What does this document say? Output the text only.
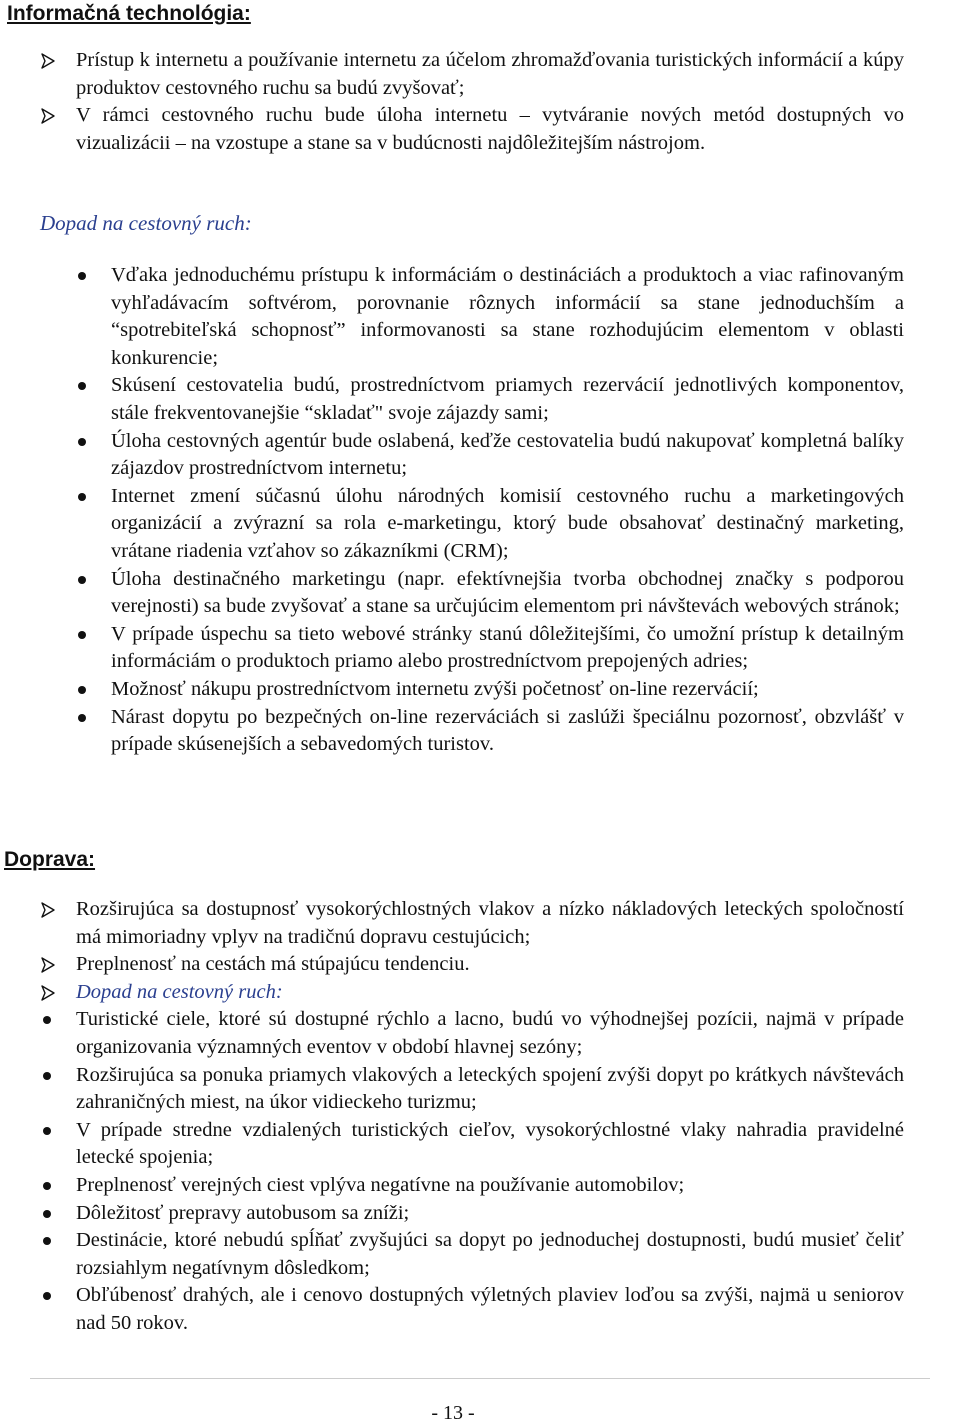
Informačná technológia:
Prístup k internetu a používanie internetu za účelom zhromažďovania turistických informácií a kúpy produktov cestovného ruchu sa budú zvyšovať;
V rámci cestovného ruchu bude úloha internetu – vytváranie nových metód dostupných vo vizualizácii – na vzostupe a stane sa v budúcnosti najdôležitejším nástrojom.
Dopad na cestovný ruch:
Vďaka jednoduchému prístupu k informáciám o destináciách a produktoch a viac rafinovaným vyhľadávacím softvérom, porovnanie rôznych informácií sa stane jednoduchším a “spotrebiteľská schopnosť” informovanosti sa stane rozhodujúcim elementom v oblasti konkurencie;
Skúsení cestovatelia budú, prostredníctvom priamych rezervácií jednotlivých komponentov, stále frekventovanejšie “skladať" svoje zájazdy sami;
Úloha cestovných agentúr bude oslabená, keďže cestovatelia budú nakupovať kompletná balíky zájazdov prostredníctvom internetu;
Internet zmení súčasnú úlohu národných komisií cestovného ruchu a marketingových organizácií a zvýrazní sa rola e-marketingu, ktorý bude obsahovať destinačný marketing, vrátane riadenia vzťahov so zákazníkmi (CRM);
Úloha destinačného marketingu (napr. efektívnejšia tvorba obchodnej značky s podporou verejnosti) sa bude zvyšovať a stane sa určujúcim elementom pri návštevách webových stránok;
V prípade úspechu sa tieto webové stránky stanú dôležitejšími, čo umožní prístup k detailným informáciám o produktoch priamo alebo prostredníctvom prepojených adries;
Možnosť nákupu prostredníctvom internetu zvýši početnosť on-line rezervácií;
Nárast dopytu po bezpečných on-line rezerváciách si zaslúži špeciálnu pozornosť, obzvlášť v prípade skúsenejších a sebavedomých turistov.
Doprava:
Rozširujúca sa dostupnosť vysokorýchlostných vlakov a nízko nákladových leteckých spoločností má mimoriadny vplyv na tradičnú dopravu cestujúcich;
Preplnenosť na cestách má stúpajúcu tendenciu.
Dopad na cestovný ruch:
Turistické ciele, ktoré sú dostupné rýchlo a lacno, budú vo výhodnejšej pozícii, najmä v prípade organizovania významných eventov v období hlavnej sezóny;
Rozširujúca sa ponuka priamych vlakových a leteckých spojení zvýši dopyt po krátkych návštevách zahraničných miest, na úkor vidieckeho turizmu;
V prípade stredne vzdialených turistických cieľov, vysokorýchlostné vlaky nahradia pravidelné letecké spojenia;
Preplnenosť verejných ciest vplýva negatívne na používanie automobilov;
Dôležitosť prepravy autobusom sa zníži;
Destinácie, ktoré nebudú spĺňať zvyšujúci sa dopyt po jednoduchej dostupnosti, budú musieť čeliť rozsiahlym negatívnym dôsledkom;
Obľúbenosť drahých, ale i cenovo dostupných výletných plaviev loďou sa zvýši, najmä u seniorov nad 50 rokov.
- 13 -
